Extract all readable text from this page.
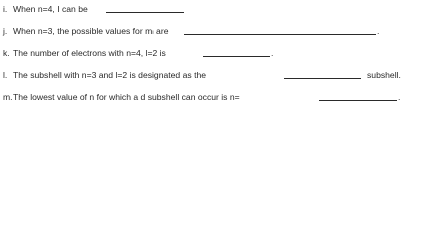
i. When n=4, I can be
j. When n=3, the possible values for mₗ are	.
k. The number of electrons with n=4, l=2 is	.
l. The subshell with n=3 and l=2 is designated as the	subshell.
m. The lowest value of n for which a d subshell can occur is n=	.
